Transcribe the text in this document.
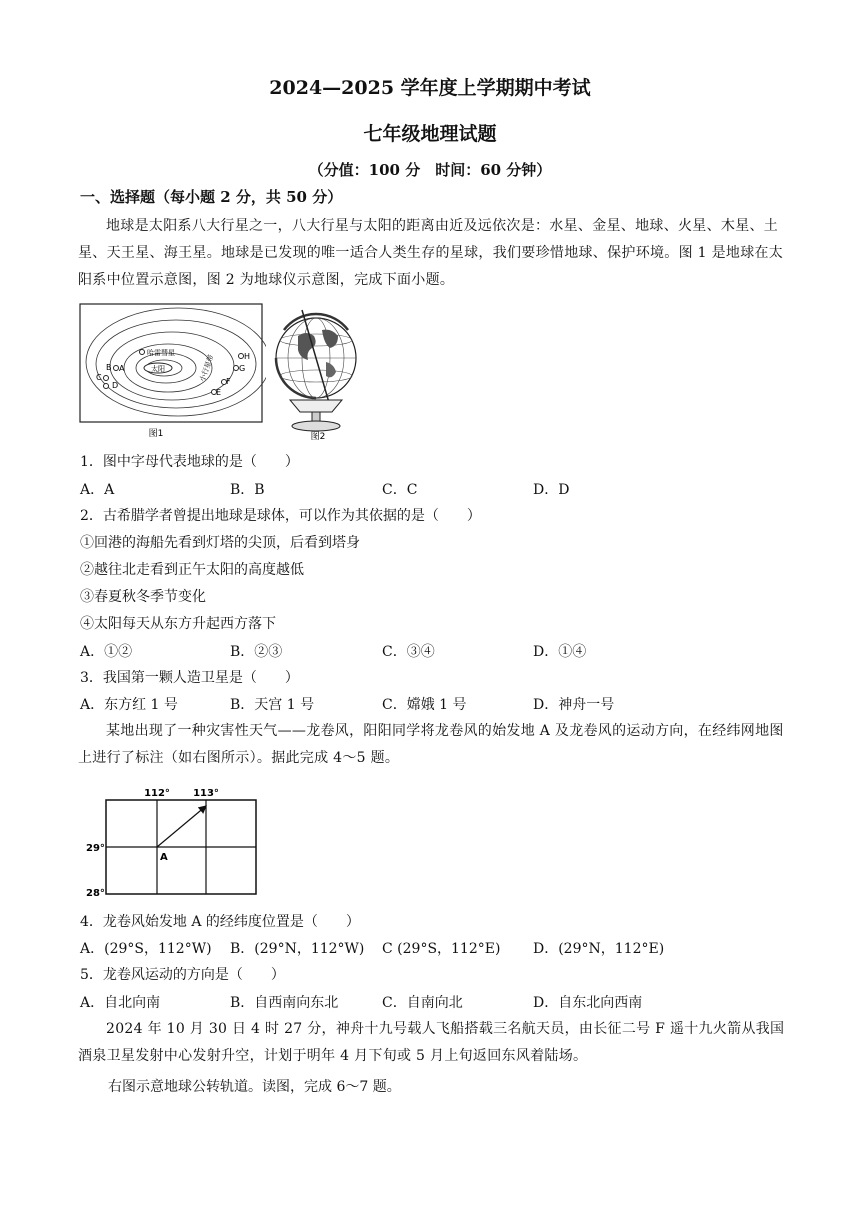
2024—2025 学年度上学期期中考试
七年级地理试题
（分值：100 分　时间：60 分钟）
一、选择题（每小题 2 分，共 50 分）
地球是太阳系八大行星之一，八大行星与太阳的距离由近及远依次是：水星、金星、地球、火星、木星、土星、天王星、海王星。地球是已发现的唯一适合人类生存的星球，我们要珍惜地球、保护环境。图 1 是地球在太阳系中位置示意图，图 2 为地球仪示意图，完成下面小题。
太阳
哈雷彗星
B A
C
D
小行星带	H
G
F
E
图1	图2
1．图中字母代表地球的是（　　）
A．A	B．B	C．C	D．D
2．古希腊学者曾提出地球是球体，可以作为其依据的是（　　）
①回港的海船先看到灯塔的尖顶，后看到塔身
②越往北走看到正午太阳的高度越低
③春夏秋冬季节变化
④太阳每天从东方升起西方落下
A．①②	B．②③	C．③④	D．①④
3．我国第一颗人造卫星是（　　）
A．东方红 1 号	B．天宫 1 号	C．嫦娥 1 号	D．神舟一号
某地出现了一种灾害性天气——龙卷风，阳阳同学将龙卷风的始发地 A 及龙卷风的运动方向，在经纬网地图上进行了标注（如右图所示）。据此完成 4～5 题。
112° 113°
29°
28°
A
4．龙卷风始发地 A 的经纬度位置是（　　）
A．(29°S，112°W) B．(29°N，112°W) C (29°S，112°E) D．(29°N，112°E)
5．龙卷风运动的方向是（　　）
A．自北向南	B．自西南向东北	C．自南向北	D．自东北向西南
2024 年 10 月 30 日 4 时 27 分，神舟十九号载人飞船搭载三名航天员，由长征二号 F 遥十九火箭从我国酒泉卫星发射中心发射升空，计划于明年 4 月下旬或 5 月上旬返回东风着陆场。
右图示意地球公转轨道。读图，完成 6～7 题。
